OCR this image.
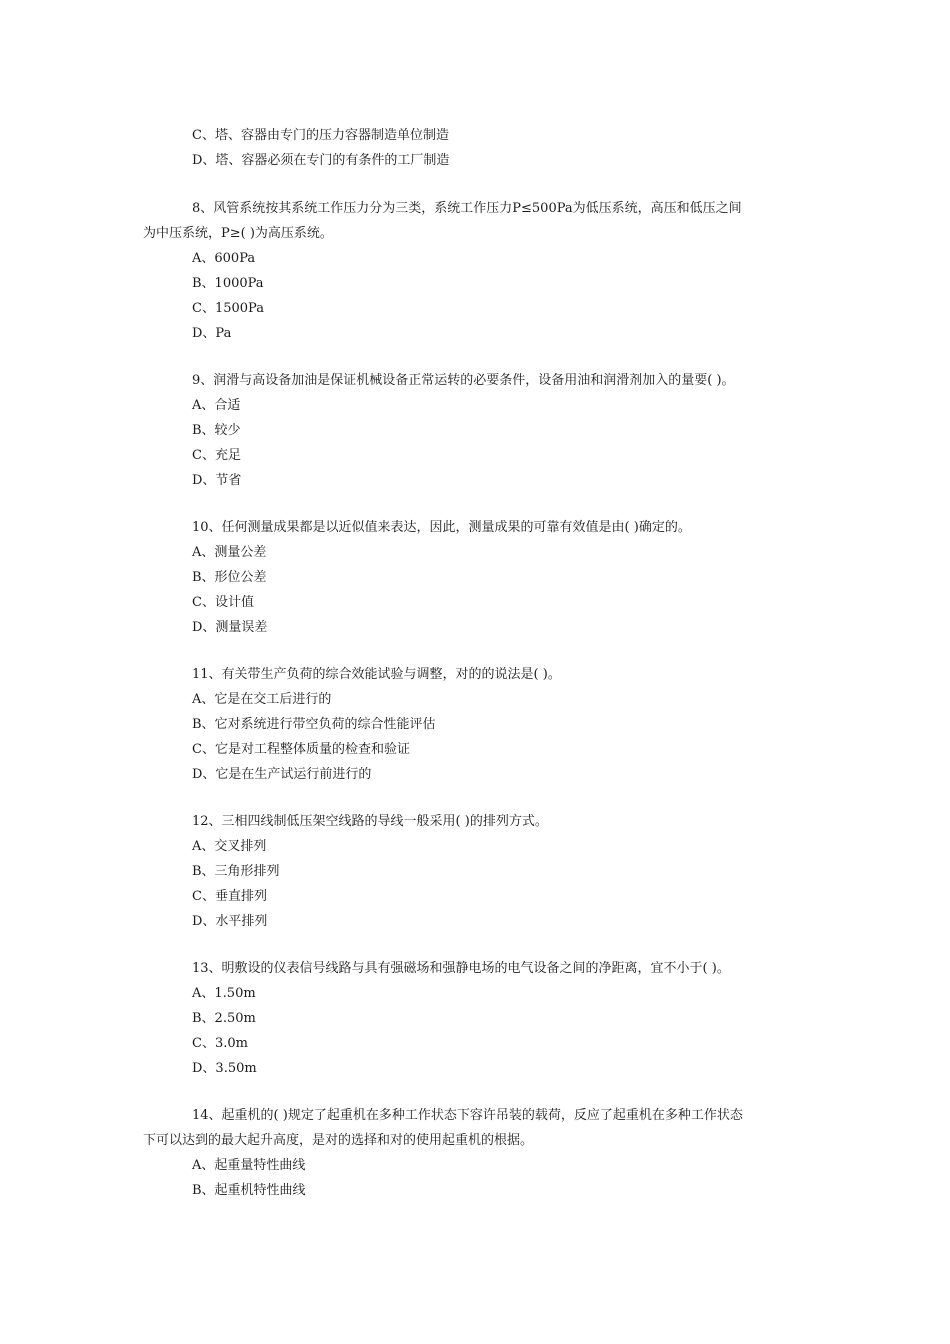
C、塔、容器由专门的压力容器制造单位制造
D、塔、容器必须在专门的有条件的工厂制造
8、风管系统按其系统工作压力分为三类，系统工作压力P≤500Pa为低压系统，高压和低压之间
为中压系统，P≥( )为高压系统。
A、600Pa
B、1000Pa
C、1500Pa
D、Pa
9、润滑与高设备加油是保证机械设备正常运转的必要条件，设备用油和润滑剂加入的量要( )。
A、合适
B、较少
C、充足
D、节省
10、任何测量成果都是以近似值来表达，因此，测量成果的可靠有效值是由( )确定的。
A、测量公差
B、形位公差
C、设计值
D、测量误差
11、有关带生产负荷的综合效能试验与调整，对的的说法是( )。
A、它是在交工后进行的
B、它对系统进行带空负荷的综合性能评估
C、它是对工程整体质量的检查和验证
D、它是在生产试运行前进行的
12、三相四线制低压架空线路的导线一般采用( )的排列方式。
A、交叉排列
B、三角形排列
C、垂直排列
D、水平排列
13、明敷设的仪表信号线路与具有强磁场和强静电场的电气设备之间的净距离，宜不小于( )。
A、1.50m
B、2.50m
C、3.0m
D、3.50m
14、起重机的( )规定了起重机在多种工作状态下容许吊装的载荷，反应了起重机在多种工作状态
下可以达到的最大起升高度，是对的选择和对的使用起重机的根据。
A、起重量特性曲线
B、起重机特性曲线
